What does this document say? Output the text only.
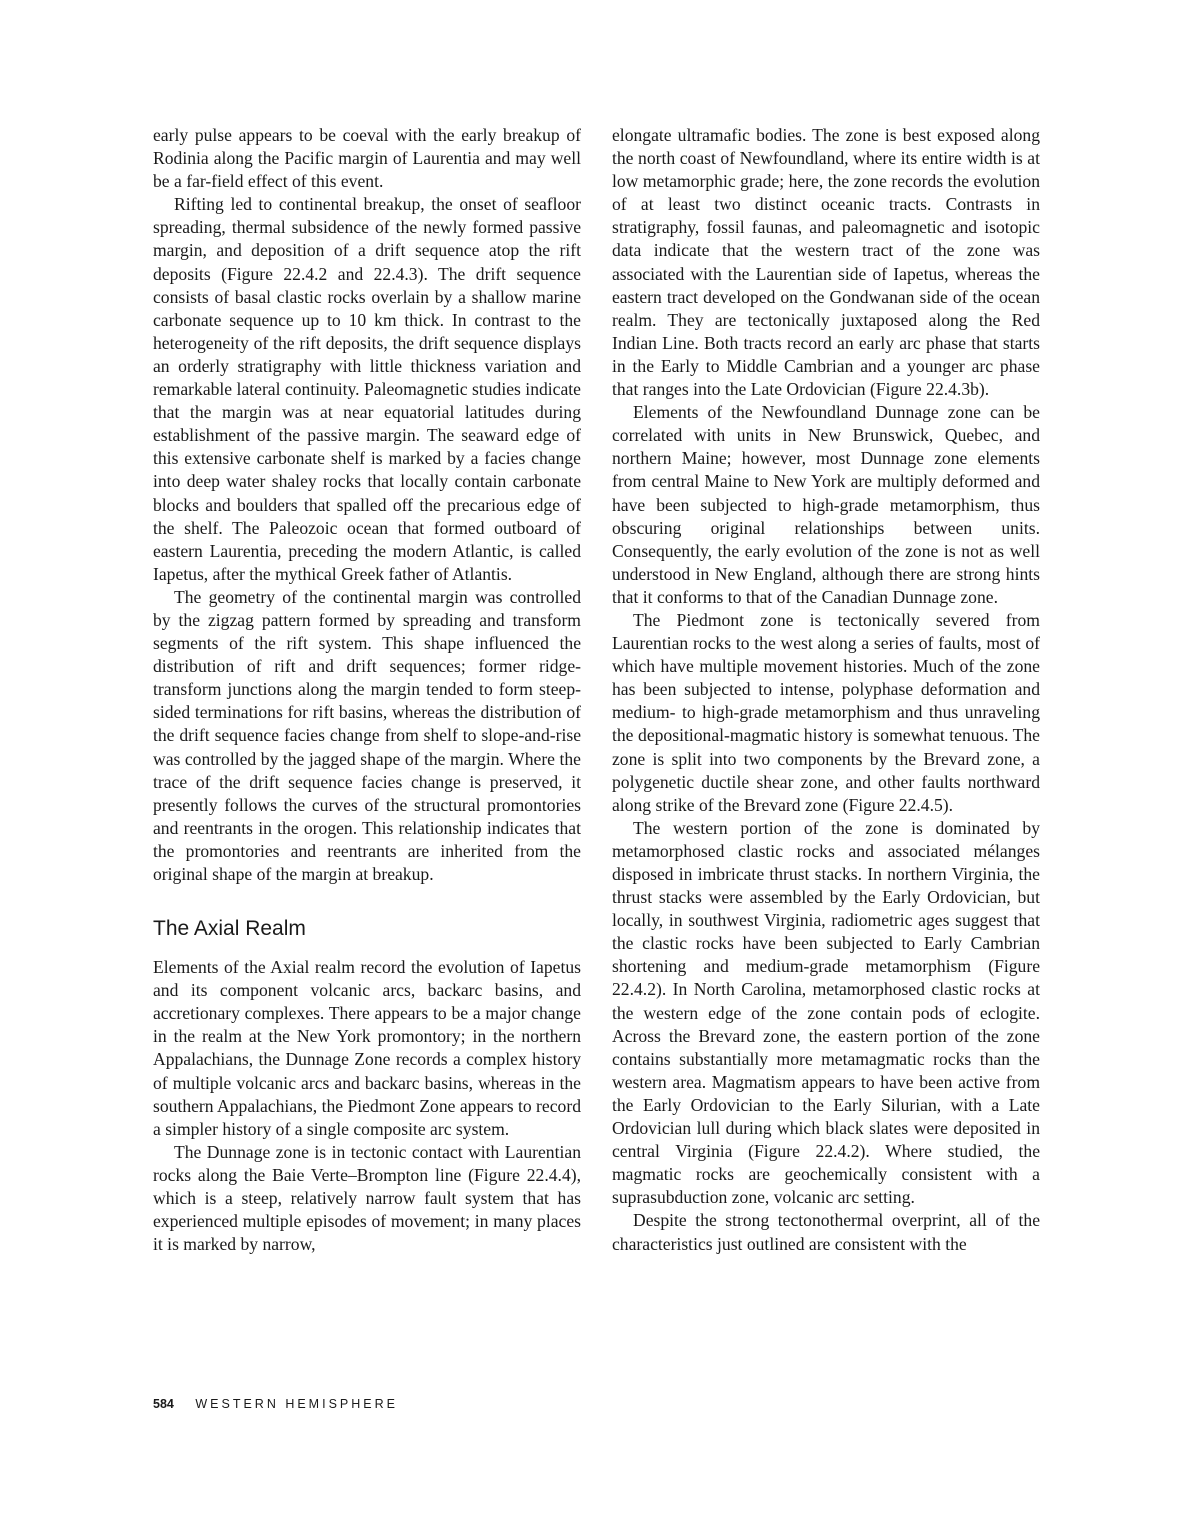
early pulse appears to be coeval with the early breakup of Rodinia along the Pacific margin of Laurentia and may well be a far-field effect of this event.

Rifting led to continental breakup, the onset of seafloor spreading, thermal subsidence of the newly formed passive margin, and deposition of a drift sequence atop the rift deposits (Figure 22.4.2 and 22.4.3). The drift sequence consists of basal clastic rocks overlain by a shallow marine carbonate sequence up to 10 km thick. In contrast to the heterogeneity of the rift deposits, the drift sequence displays an orderly stratigraphy with little thickness variation and remarkable lateral continuity. Paleomagnetic studies indicate that the margin was at near equatorial latitudes during establishment of the passive margin. The seaward edge of this extensive carbonate shelf is marked by a facies change into deep water shaley rocks that locally contain carbonate blocks and boulders that spalled off the precarious edge of the shelf. The Paleozoic ocean that formed outboard of eastern Laurentia, preceding the modern Atlantic, is called Iapetus, after the mythical Greek father of Atlantis.

The geometry of the continental margin was controlled by the zigzag pattern formed by spreading and transform segments of the rift system. This shape influenced the distribution of rift and drift sequences; former ridge-transform junctions along the margin tended to form steep-sided terminations for rift basins, whereas the distribution of the drift sequence facies change from shelf to slope-and-rise was controlled by the jagged shape of the margin. Where the trace of the drift sequence facies change is preserved, it presently follows the curves of the structural promontories and reentrants in the orogen. This relationship indicates that the promontories and reentrants are inherited from the original shape of the margin at breakup.

The Axial Realm

Elements of the Axial realm record the evolution of Iapetus and its component volcanic arcs, backarc basins, and accretionary complexes. There appears to be a major change in the realm at the New York promontory; in the northern Appalachians, the Dunnage Zone records a complex history of multiple volcanic arcs and backarc basins, whereas in the southern Appalachians, the Piedmont Zone appears to record a simpler history of a single composite arc system.

The Dunnage zone is in tectonic contact with Laurentian rocks along the Baie Verte–Brompton line (Figure 22.4.4), which is a steep, relatively narrow fault system that has experienced multiple episodes of movement; in many places it is marked by narrow,

elongate ultramafic bodies. The zone is best exposed along the north coast of Newfoundland, where its entire width is at low metamorphic grade; here, the zone records the evolution of at least two distinct oceanic tracts. Contrasts in stratigraphy, fossil faunas, and paleomagnetic and isotopic data indicate that the western tract of the zone was associated with the Laurentian side of Iapetus, whereas the eastern tract developed on the Gondwanan side of the ocean realm. They are tectonically juxtaposed along the Red Indian Line. Both tracts record an early arc phase that starts in the Early to Middle Cambrian and a younger arc phase that ranges into the Late Ordovician (Figure 22.4.3b).

Elements of the Newfoundland Dunnage zone can be correlated with units in New Brunswick, Quebec, and northern Maine; however, most Dunnage zone elements from central Maine to New York are multiply deformed and have been subjected to high-grade metamorphism, thus obscuring original relationships between units. Consequently, the early evolution of the zone is not as well understood in New England, although there are strong hints that it conforms to that of the Canadian Dunnage zone.

The Piedmont zone is tectonically severed from Laurentian rocks to the west along a series of faults, most of which have multiple movement histories. Much of the zone has been subjected to intense, polyphase deformation and medium- to high-grade metamorphism and thus unraveling the depositional-magmatic history is somewhat tenuous. The zone is split into two components by the Brevard zone, a polygenetic ductile shear zone, and other faults northward along strike of the Brevard zone (Figure 22.4.5).

The western portion of the zone is dominated by metamorphosed clastic rocks and associated mélanges disposed in imbricate thrust stacks. In northern Virginia, the thrust stacks were assembled by the Early Ordovician, but locally, in southwest Virginia, radiometric ages suggest that the clastic rocks have been subjected to Early Cambrian shortening and medium-grade metamorphism (Figure 22.4.2). In North Carolina, metamorphosed clastic rocks at the western edge of the zone contain pods of eclogite. Across the Brevard zone, the eastern portion of the zone contains substantially more metamagmatic rocks than the western area. Magmatism appears to have been active from the Early Ordovician to the Early Silurian, with a Late Ordovician lull during which black slates were deposited in central Virginia (Figure 22.4.2). Where studied, the magmatic rocks are geochemically consistent with a suprasubduction zone, volcanic arc setting.

Despite the strong tectonothermal overprint, all of the characteristics just outlined are consistent with the

584 WESTERN HEMISPHERE
